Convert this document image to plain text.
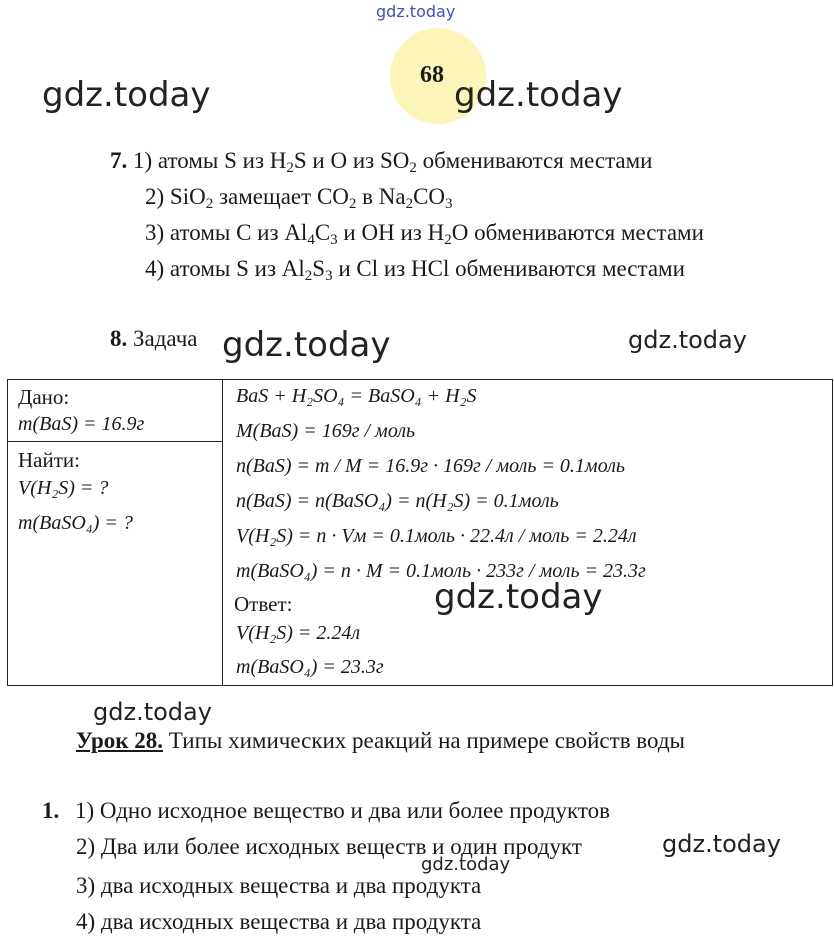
68
gdz.today
gdz.today	gdz.today
7. 1) атомы S из $H_2S$ и O из $SO_2$ обмениваются местами
2) SiO$_2$ замещает $CO_2$ в $Na_2CO_3$
3) атомы C из $Al_4C_3$ и OH из $H_2O$ обмениваются местами
4) атомы S из $Al_2S_3$ и Cl из HCl обмениваются местами
8. Задача gdz.today	gdz.today
Дано:
m(BaS) = 16.9г
Найти:
V(H₂S) = ?
m(BaSO₄) = ?
BaS + H₂SO₄ = BaSO₄ + H₂S
M(BaS) = 169г / моль
n(BaS) = m / M = 16.9г · 169г / моль = 0.1моль
n(BaS) = n(BaSO₄) = n(H₂S) = 0.1моль
V(H₂S) = n · Vм = 0.1моль · 22.4л / моль = 2.24л
m(BaSO₄) = n · M = 0.1моль · 233г / моль = 23.3г
Ответ:
V(H₂S) = 2.24л
m(BaSO₄) = 23.3г
gdz.today
gdz.today
Урок 28. Типы химических реакций на примере свойств воды
1. 1) Одно исходное вещество и два или более продуктов
2) Два или более исходных веществ и один продукт	gdz.today
gdz.today
3) два исходных вещества и два продукта
4) два исходных вещества и два продукта
